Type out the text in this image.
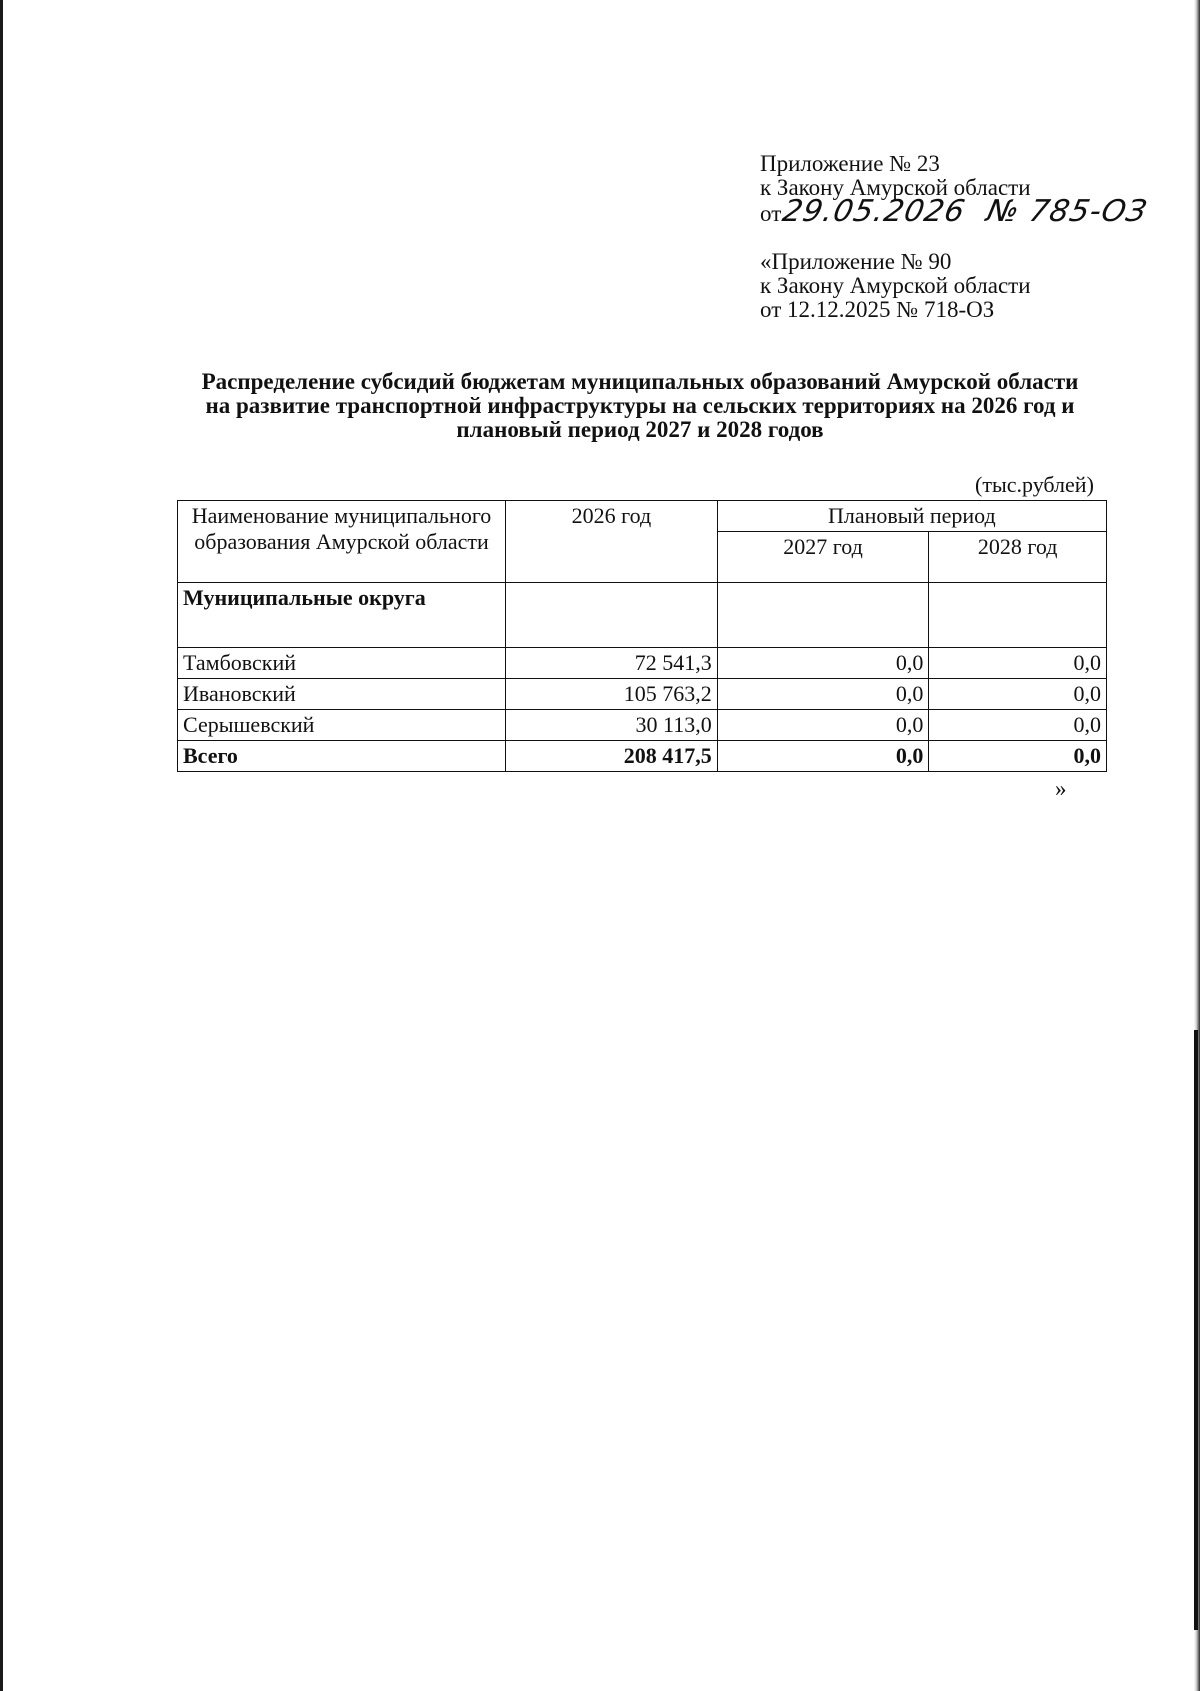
Приложение № 23
к Закону Амурской области
от29.05.2026 № 785-ОЗ
«Приложение № 90
к Закону Амурской области
от 12.12.2025 № 718-ОЗ
Распределение субсидий бюджетам муниципальных образований Амурской области
на развитие транспортной инфраструктуры на сельских территориях на 2026 год и
плановый период 2027 и 2028 годов
(тыс.рублей)
Наименование муниципального образования Амурской области	2026 год	Плановый период	
		2027 год	2028 год
Муниципальные округа			
Тамбовский	72 541,3	0,0	0,0
Ивановский	105 763,2	0,0	0,0
Серышевский	30 113,0	0,0	0,0
Всего	208 417,5	0,0	0,0
»
